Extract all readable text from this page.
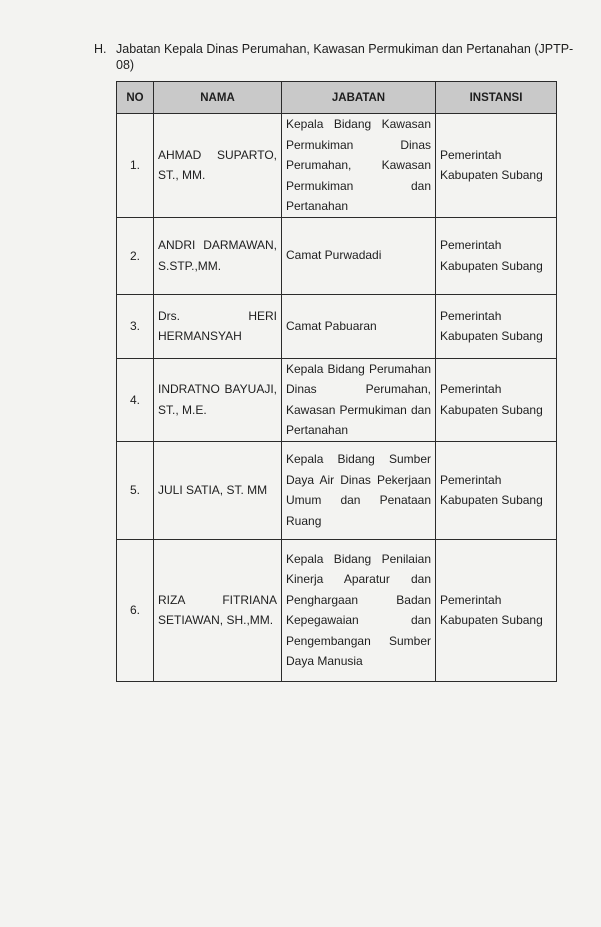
H. Jabatan Kepala Dinas Perumahan, Kawasan Permukiman dan Pertanahan (JPTP-08)
NO	NAMA	JABATAN	INSTANSI
1.	AHMAD SUPARTO, ST., MM.	Kepala Bidang Kawasan Permukiman Dinas Perumahan, Kawasan Permukiman dan Pertanahan	Pemerintah Kabupaten Subang
2.	ANDRI DARMAWAN, S.STP.,MM.	Camat Purwadadi	Pemerintah Kabupaten Subang
3.	Drs. HERI HERMANSYAH	Camat Pabuaran	Pemerintah Kabupaten Subang
4.	INDRATNO BAYUAJI, ST., M.E.	Kepala Bidang Perumahan Dinas Perumahan, Kawasan Permukiman dan Pertanahan	Pemerintah Kabupaten Subang
5.	JULI SATIA, ST. MM	Kepala Bidang Sumber Daya Air Dinas Pekerjaan Umum dan Penataan Ruang	Pemerintah Kabupaten Subang
6.	RIZA FITRIANA SETIAWAN, SH.,MM.	Kepala Bidang Penilaian Kinerja Aparatur dan Penghargaan Badan Kepegawaian dan Pengembangan Sumber Daya Manusia	Pemerintah Kabupaten Subang
